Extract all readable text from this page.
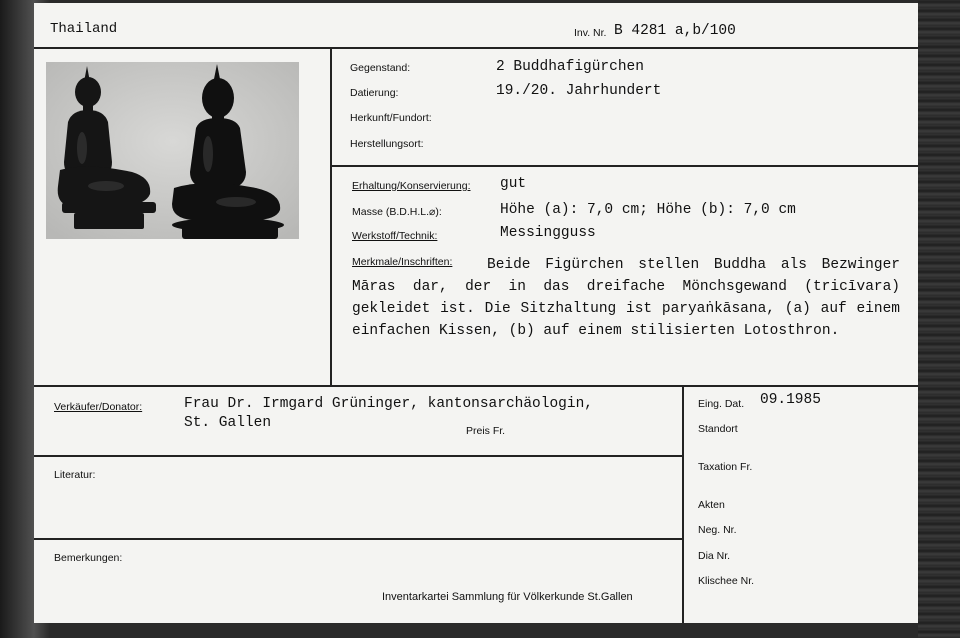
Thailand	Inv. Nr. B 4281 a,b/100
Gegenstand:	2 Buddhafigürchen
Datierung:	19./20. Jahrhundert
Herkunft/Fundort:
Herstellungsort:
Erhaltung/Konservierung: gut
Masse (B.D.H.L.⌀):	Höhe (a): 7,0 cm; Höhe (b): 7,0 cm
Werkstoff/Technik:	Messingguss
Merkmale/Inschriften:	Beide Figürchen stellen Buddha als Bezwinger Māras dar, der in das dreifache Mönchsgewand (tricīvara) gekleidet ist. Die Sitzhaltung ist paryaṅkāsana, (a) auf einem einfachen Kissen, (b) auf einem stilisierten Lotosthron.
Verkäufer/Donator:	Frau Dr. Irmgard Grüninger, kantonsarchäologin,
St. Gallen	Preis Fr.
Literatur:
Bemerkungen:
Inventarkartei Sammlung für Völkerkunde St.Gallen
Eing. Dat. 09.1985
Standort
Taxation Fr.
Akten
Neg. Nr.
Dia Nr.
Klischee Nr.
